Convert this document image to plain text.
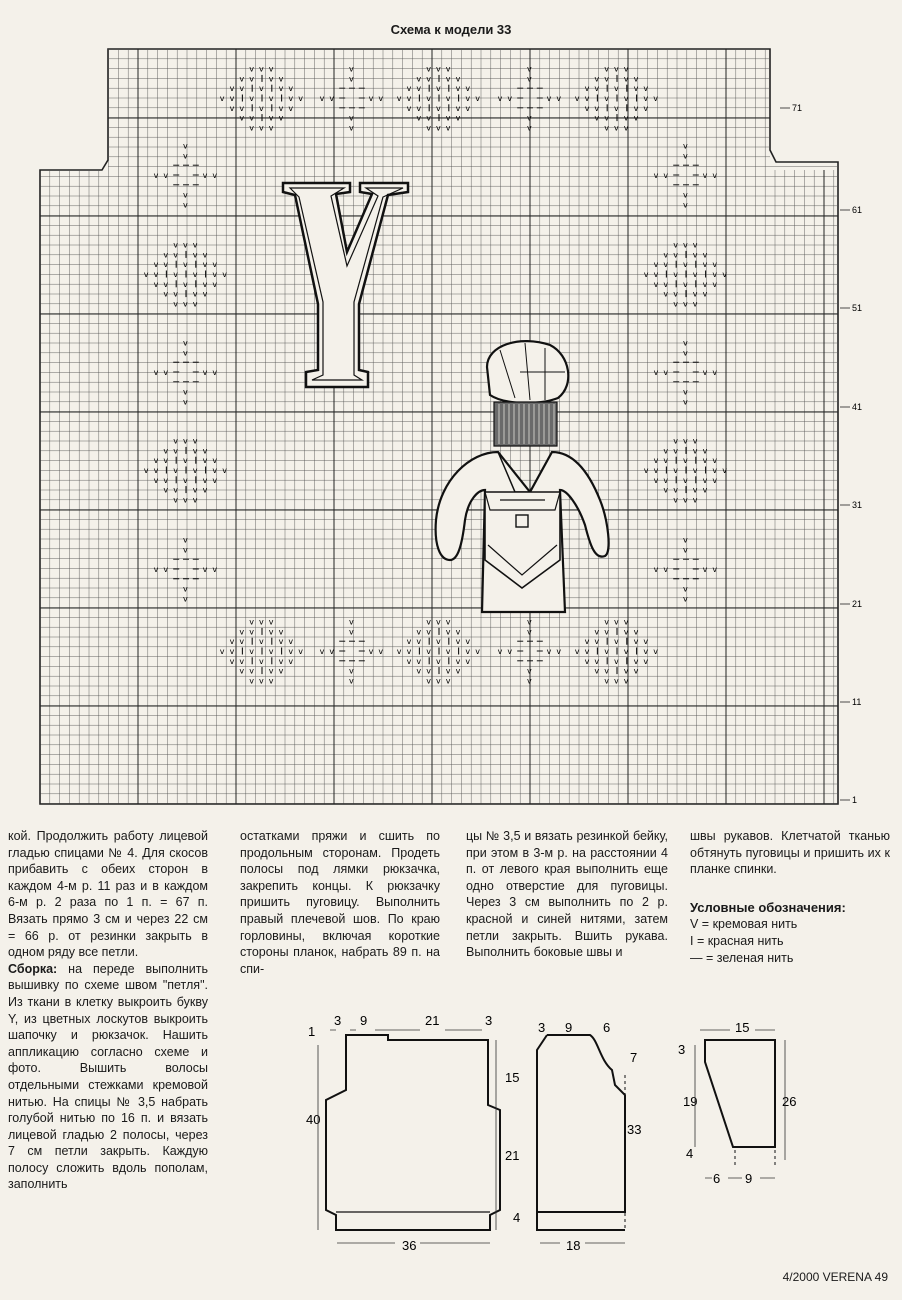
Схема к модели 33
71
61
51
41
31
21
11
1
v v v
v v v v
v v v v v
v v v v v v
v v v v v
v v v v
v v v
v v v
v v v v
v v v v v
v v v v v v
v v v v v
v v v v
v v v
v v v
v v v v
v v v v v
v v v v v v
v v v v v
v v v v
v v v
v v v
v v v v
v v v v v
v v v v v v
v v v v v
v v v v
v v v
v v v
v v v v
v v v v v
v v v v v v
v v v v v
v v v v
v v v
v v v
v v v v
v v v v v
v v v v v v
v v v v v
v v v v
v v v
v v v
v v v v
v v v v v
v v v v v v
v v v v v
v v v v
v v v
v v v
v v v v
v v v v v
v v v v v v
v v v v v
v v v v
v v v
v v v
v v v v
v v v v v
v v v v v v
v v v v v
v v v v
v v v
v v v
v v v v
v v v v v
v v v v v v
v v v v v
v v v v
v v v
v
v
v
v
v v	v v
v
v
v
v
v v	v v
v
v
v
v
v v	v v
v
v
v
v
v v	v v
v
v
v
v
v v	v v
v
v
v
v
v v	v v
v
v
v
v
v v	v v
v
v
v
v
v v	v v
v
v
v
v
v v	v v
v
v
v
v
v v	v v
3 9	21	3
1
15
40
21
4
36
3 9 6
7
33
18
15
3
19	26
4
6 9

кой. Продолжить работу лицевой гладью спицами № 4. Для скосов прибавить с обеих сторон в каждом 4-м р. 11 раз и в каждом 6-м р. 2 раза по 1 п. = 67 п. Вязать прямо 3 см и через 22 см = 66 р. от резинки закрыть в одном ряду все петли.

Сборка: на переде выполнить вышивку по схеме швом "петля". Из ткани в клетку выкроить букву Y, из цветных лоскутов выкроить шапочку и рюкзачок. Нашить аппликацию согласно схеме и фото. Вышить волосы отдельными стежками кремовой нитью. На спицы № 3,5 набрать голубой нитью по 16 п. и вязать лицевой гладью 2 полосы, через 7 см петли закрыть. Каждую полосу сложить вдоль пополам, заполнить

остатками пряжи и сшить по продольным сторонам. Продеть полосы под лямки рюкзачка, закрепить концы. К рюкзачку пришить пуговицу. Выполнить правый плечевой шов. По краю горловины, включая короткие стороны планок, набрать 89 п. на спи-

цы № 3,5 и вязать резинкой бейку, при этом в 3-м р. на расстоянии 4 п. от левого края выполнить еще одно отверстие для пуговицы. Через 3 см выполнить по 2 р. красной и синей нитями, затем петли закрыть. Вшить рукава. Выполнить боковые швы и

швы рукавов. Клетчатой тканью обтянуть пуговицы и пришить их к планке спинки.

Условные обозначения:
V = кремовая нить
I = красная нить
— = зеленая нить
4/2000 VERENA 49
